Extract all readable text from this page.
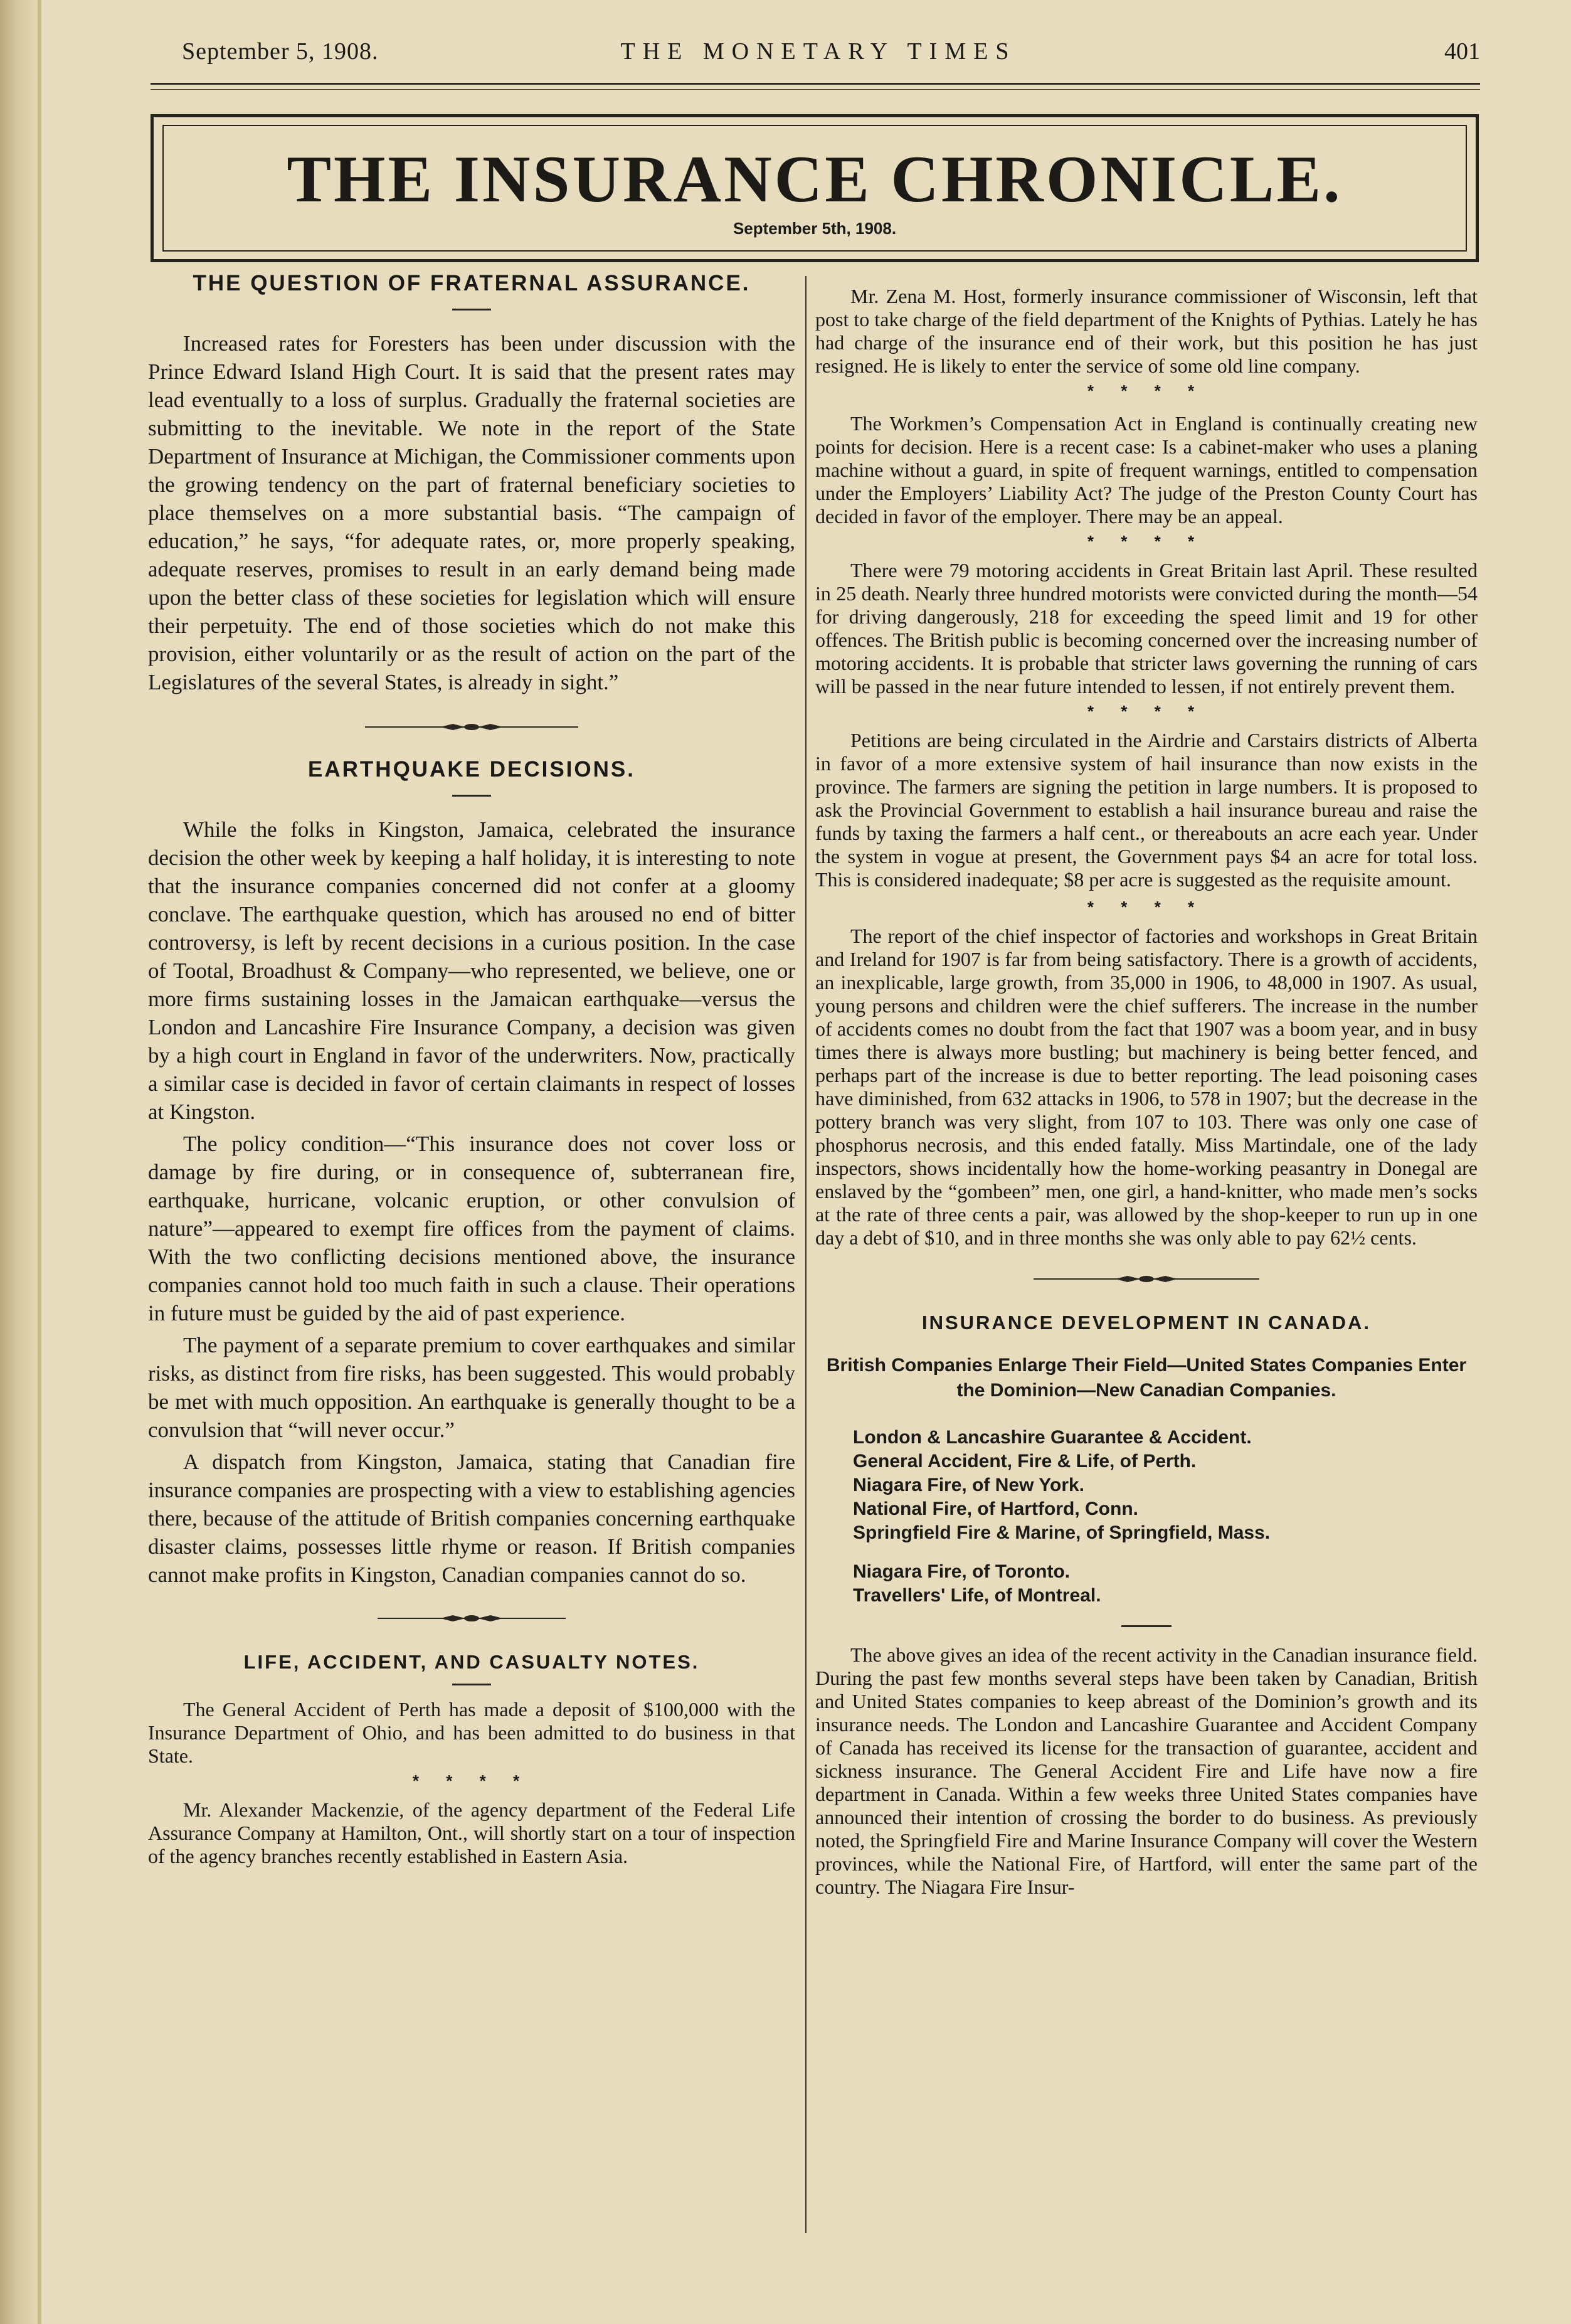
September 5, 1908.	THE MONETARY TIMES	401
THE INSURANCE CHRONICLE.
September 5th, 1908.
THE QUESTION OF FRATERNAL ASSURANCE.

Increased rates for Foresters has been under discussion with the Prince Edward Island High Court. It is said that the present rates may lead eventually to a loss of surplus. Gradually the fraternal societies are submitting to the inevitable. We note in the report of the State Department of Insurance at Michigan, the Commissioner comments upon the growing tendency on the part of fraternal beneficiary societies to place themselves on a more substantial basis. “The campaign of education,” he says, “for adequate rates, or, more properly speaking, adequate reserves, promises to result in an early demand being made upon the better class of these societies for legislation which will ensure their perpetuity. The end of those societies which do not make this provision, either voluntarily or as the result of action on the part of the Legislatures of the several States, is already in sight.”

EARTHQUAKE DECISIONS.

While the folks in Kingston, Jamaica, celebrated the insurance decision the other week by keeping a half holiday, it is interesting to note that the insurance companies concerned did not confer at a gloomy conclave. The earthquake question, which has aroused no end of bitter controversy, is left by recent decisions in a curious position. In the case of Tootal, Broadhust & Company—who represented, we believe, one or more firms sustaining losses in the Jamaican earthquake—versus the London and Lancashire Fire Insurance Company, a decision was given by a high court in England in favor of the underwriters. Now, practically a similar case is decided in favor of certain claimants in respect of losses at Kingston.

The policy condition—“This insurance does not cover loss or damage by fire during, or in consequence of, subterranean fire, earthquake, hurricane, volcanic eruption, or other convulsion of nature”—appeared to exempt fire offices from the payment of claims. With the two conflicting decisions mentioned above, the insurance companies cannot hold too much faith in such a clause. Their operations in future must be guided by the aid of past experience.

The payment of a separate premium to cover earthquakes and similar risks, as distinct from fire risks, has been suggested. This would probably be met with much opposition. An earthquake is generally thought to be a convulsion that “will never occur.”

A dispatch from Kingston, Jamaica, stating that Canadian fire insurance companies are prospecting with a view to establishing agencies there, because of the attitude of British companies concerning earthquake disaster claims, possesses little rhyme or reason. If British companies cannot make profits in Kingston, Canadian companies cannot do so.

LIFE, ACCIDENT, AND CASUALTY NOTES.

The General Accident of Perth has made a deposit of $100,000 with the Insurance Department of Ohio, and has been admitted to do business in that State.

* * * *

Mr. Alexander Mackenzie, of the agency department of the Federal Life Assurance Company at Hamilton, Ont., will shortly start on a tour of inspection of the agency branches recently established in Eastern Asia.

Mr. Zena M. Host, formerly insurance commissioner of Wisconsin, left that post to take charge of the field department of the Knights of Pythias. Lately he has had charge of the insurance end of their work, but this position he has just resigned. He is likely to enter the service of some old line company.

* * * *

The Workmen’s Compensation Act in England is continually creating new points for decision. Here is a recent case: Is a cabinet-maker who uses a planing machine without a guard, in spite of frequent warnings, entitled to compensation under the Employers’ Liability Act? The judge of the Preston County Court has decided in favor of the employer. There may be an appeal.

* * * *

There were 79 motoring accidents in Great Britain last April. These resulted in 25 death. Nearly three hundred motorists were convicted during the month—54 for driving dangerously, 218 for exceeding the speed limit and 19 for other offences. The British public is becoming concerned over the increasing number of motoring accidents. It is probable that stricter laws governing the running of cars will be passed in the near future intended to lessen, if not entirely prevent them.

* * * *

Petitions are being circulated in the Airdrie and Carstairs districts of Alberta in favor of a more extensive system of hail insurance than now exists in the province. The farmers are signing the petition in large numbers. It is proposed to ask the Provincial Government to establish a hail insurance bureau and raise the funds by taxing the farmers a half cent., or thereabouts an acre each year. Under the system in vogue at present, the Government pays $4 an acre for total loss. This is considered inadequate; $8 per acre is suggested as the requisite amount.

* * * *

The report of the chief inspector of factories and workshops in Great Britain and Ireland for 1907 is far from being satisfactory. There is a growth of accidents, an inexplicable, large growth, from 35,000 in 1906, to 48,000 in 1907. As usual, young persons and children were the chief sufferers. The increase in the number of accidents comes no doubt from the fact that 1907 was a boom year, and in busy times there is always more bustling; but machinery is being better fenced, and perhaps part of the increase is due to better reporting. The lead poisoning cases have diminished, from 632 attacks in 1906, to 578 in 1907; but the decrease in the pottery branch was very slight, from 107 to 103. There was only one case of phosphorus necrosis, and this ended fatally. Miss Martindale, one of the lady inspectors, shows incidentally how the home-working peasantry in Donegal are enslaved by the “gombeen” men, one girl, a hand-knitter, who made men’s socks at the rate of three cents a pair, was allowed by the shop-keeper to run up in one day a debt of $10, and in three months she was only able to pay 62½ cents.

INSURANCE DEVELOPMENT IN CANADA.

British Companies Enlarge Their Field—United States Companies Enter the Dominion—New Canadian Companies.

London & Lancashire Guarantee & Accident.
General Accident, Fire & Life, of Perth.
Niagara Fire, of New York.
National Fire, of Hartford, Conn.
Springfield Fire & Marine, of Springfield, Mass.
Niagara Fire, of Toronto.
Travellers' Life, of Montreal.

The above gives an idea of the recent activity in the Canadian insurance field. During the past few months several steps have been taken by Canadian, British and United States companies to keep abreast of the Dominion’s growth and its insurance needs. The London and Lancashire Guarantee and Accident Company of Canada has received its license for the transaction of guarantee, accident and sickness insurance. The General Accident Fire and Life have now a fire department in Canada. Within a few weeks three United States companies have announced their intention of crossing the border to do business. As previously noted, the Springfield Fire and Marine Insurance Company will cover the Western provinces, while the National Fire, of Hartford, will enter the same part of the country. The Niagara Fire Insur-
